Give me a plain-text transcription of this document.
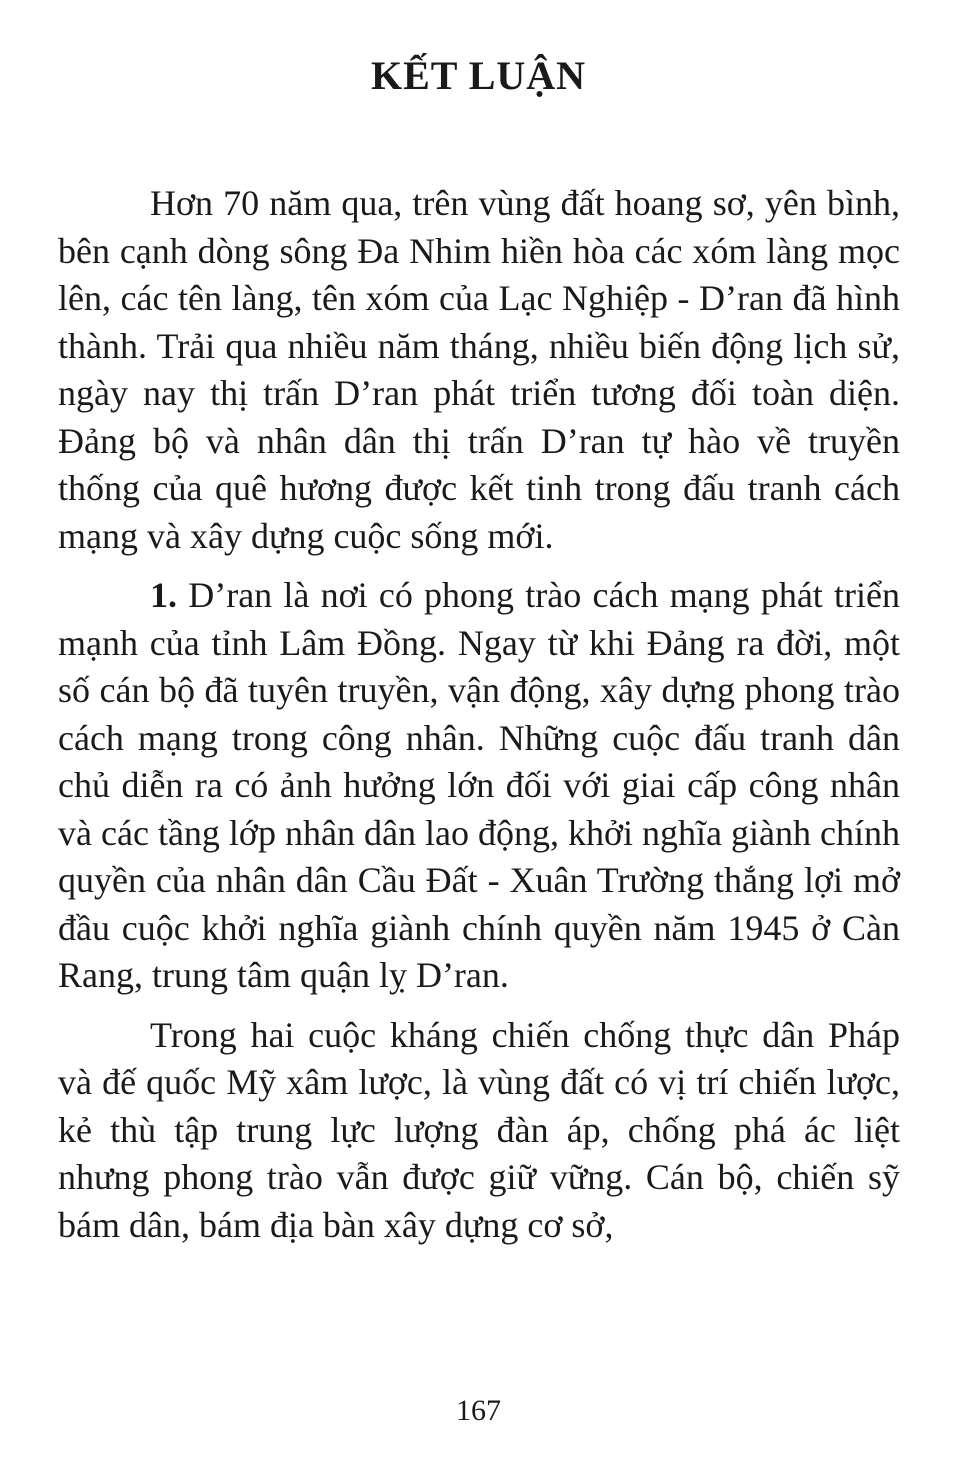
KẾT LUẬN

Hơn 70 năm qua, trên vùng đất hoang sơ, yên bình, bên cạnh dòng sông Đa Nhim hiền hòa các xóm làng mọc lên, các tên làng, tên xóm của Lạc Nghiệp - D’ran đã hình thành. Trải qua nhiều năm tháng, nhiều biến động lịch sử, ngày nay thị trấn D’ran phát triển tương đối toàn diện. Đảng bộ và nhân dân thị trấn D’ran tự hào về truyền thống của quê hương được kết tinh trong đấu tranh cách mạng và xây dựng cuộc sống mới.

1. D’ran là nơi có phong trào cách mạng phát triển mạnh của tỉnh Lâm Đồng. Ngay từ khi Đảng ra đời, một số cán bộ đã tuyên truyền, vận động, xây dựng phong trào cách mạng trong công nhân. Những cuộc đấu tranh dân chủ diễn ra có ảnh hưởng lớn đối với giai cấp công nhân và các tầng lớp nhân dân lao động, khởi nghĩa giành chính quyền của nhân dân Cầu Đất - Xuân Trường thắng lợi mở đầu cuộc khởi nghĩa giành chính quyền năm 1945 ở Càn Rang, trung tâm quận lỵ D’ran.

Trong hai cuộc kháng chiến chống thực dân Pháp và đế quốc Mỹ xâm lược, là vùng đất có vị trí chiến lược, kẻ thù tập trung lực lượng đàn áp, chống phá ác liệt nhưng phong trào vẫn được giữ vững. Cán bộ, chiến sỹ bám dân, bám địa bàn xây dựng cơ sở,

167
